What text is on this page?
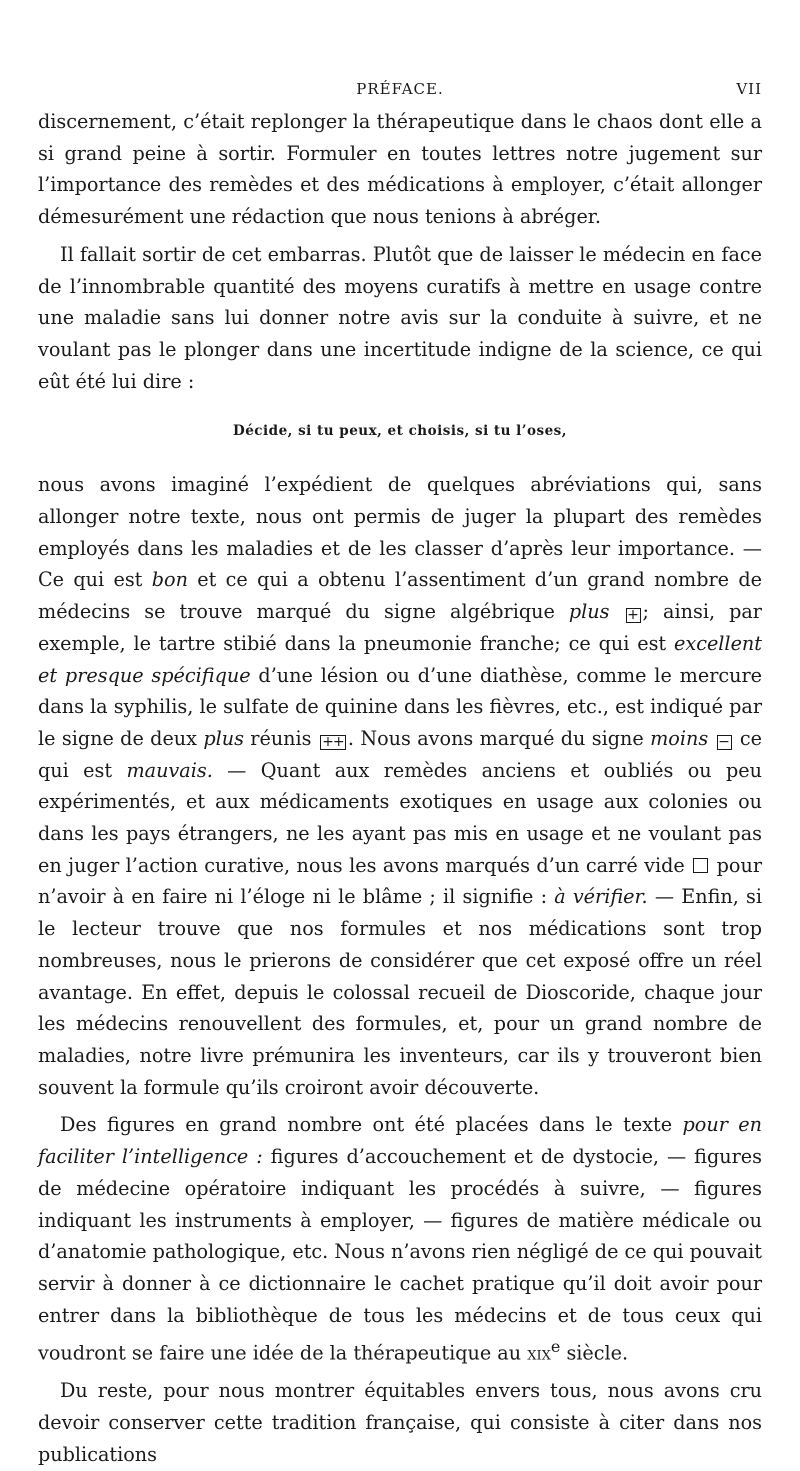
PRÉFACE.	VII

discernement, c’était replonger la thérapeutique dans le chaos dont elle a si grand peine à sortir. Formuler en toutes lettres notre jugement sur l’importance des remèdes et des médications à employer, c’était allonger démesurément une rédaction que nous tenions à abréger.

Il fallait sortir de cet embarras. Plutôt que de laisser le médecin en face de l’innombrable quantité des moyens curatifs à mettre en usage contre une maladie sans lui donner notre avis sur la conduite à suivre, et ne voulant pas le plonger dans une incertitude indigne de la science, ce qui eût été lui dire :

Décide, si tu peux, et choisis, si tu l’oses,

nous avons imaginé l’expédient de quelques abréviations qui, sans allonger notre texte, nous ont permis de juger la plupart des remèdes employés dans les maladies et de les classer d’après leur importance. — Ce qui est bon et ce qui a obtenu l’assentiment d’un grand nombre de médecins se trouve marqué du signe algébrique plus + ; ainsi, par exemple, le tartre stibié dans la pneumonie franche; ce qui est excellent et presque spécifique d’une lésion ou d’une diathèse, comme le mercure dans la syphilis, le sulfate de quinine dans les fièvres, etc., est indiqué par le signe de deux plus réunis ++ . Nous avons marqué du signe moins − ce qui est mauvais. — Quant aux remèdes anciens et oubliés ou peu expérimentés, et aux médicaments exotiques en usage aux colonies ou dans les pays étrangers, ne les ayant pas mis en usage et ne voulant pas en juger l’action curative, nous les avons marqués d’un carré vide  pour n’avoir à en faire ni l’éloge ni le blâme ; il signifie : à vérifier. — Enfin, si le lecteur trouve que nos formules et nos médications sont trop nombreuses, nous le prierons de considérer que cet exposé offre un réel avantage. En effet, depuis le colossal recueil de Dioscoride, chaque jour les médecins renouvellent des formules, et, pour un grand nombre de maladies, notre livre prémunira les inventeurs, car ils y trouveront bien souvent la formule qu’ils croiront avoir découverte.

Des figures en grand nombre ont été placées dans le texte pour en faciliter l’intelligence : figures d’accouchement et de dystocie, — figures de médecine opératoire indiquant les procédés à suivre, — figures indiquant les instruments à employer, — figures de matière médicale ou d’anatomie pathologique, etc. Nous n’avons rien négligé de ce qui pouvait servir à donner à ce dictionnaire le cachet pratique qu’il doit avoir pour entrer dans la bibliothèque de tous les médecins et de tous ceux qui voudront se faire une idée de la thérapeutique au xix$^e$ siècle.

Du reste, pour nous montrer équitables envers tous, nous avons cru devoir conserver cette tradition française, qui consiste à citer dans nos publications
